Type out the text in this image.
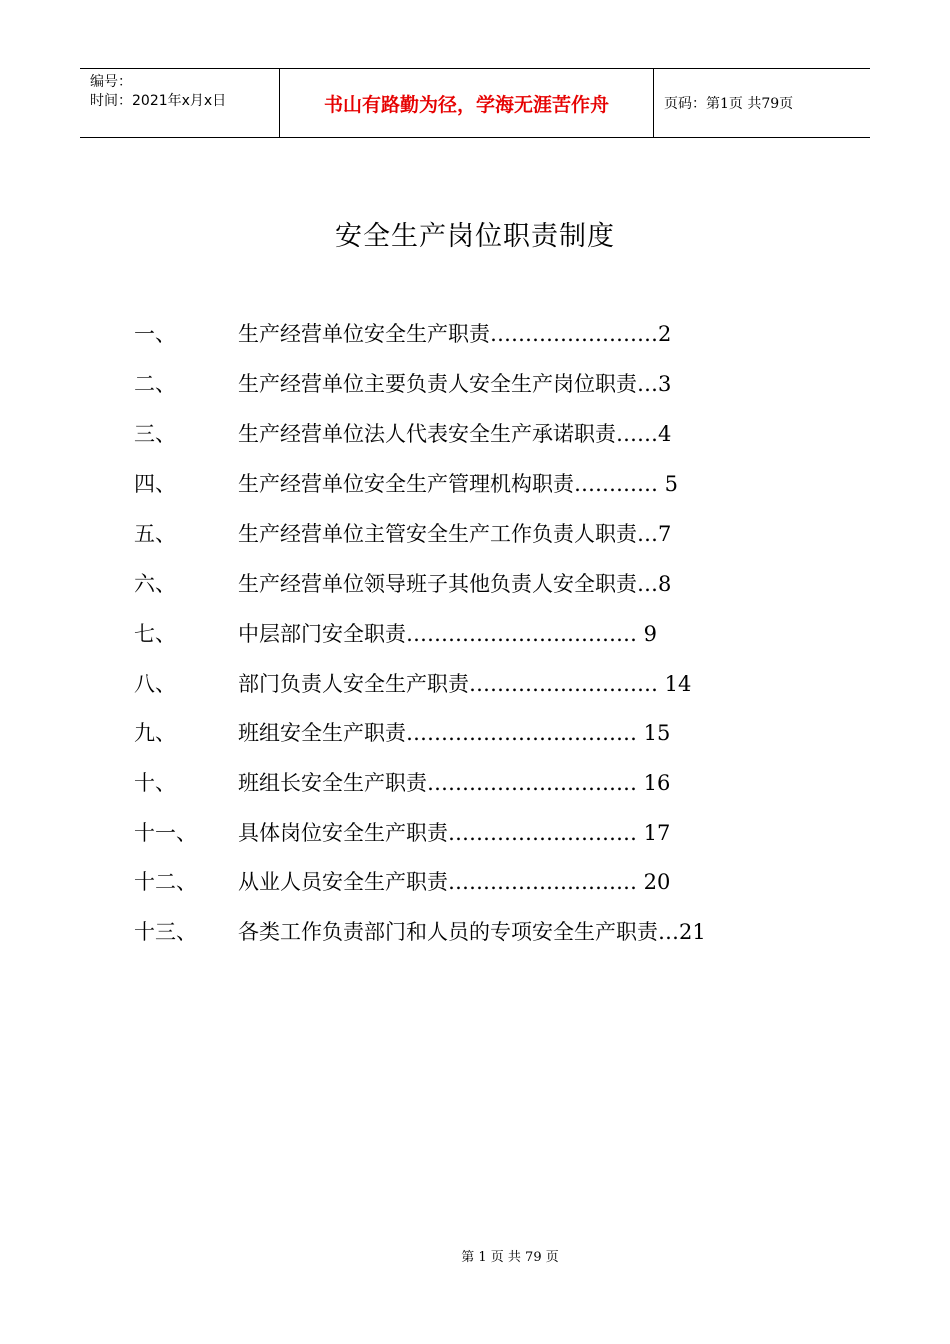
编号：
时间：2021年x月x日	书山有路勤为径，学海无涯苦作舟	页码：第1页 共79页
安全生产岗位职责制度
一、	生产经营单位安全生产职责……………………2
二、	生产经营单位主要负责人安全生产岗位职责…3
三、	生产经营单位法人代表安全生产承诺职责……4
四、	生产经营单位安全生产管理机构职责………… 5
五、	生产经营单位主管安全生产工作负责人职责…7
六、	生产经营单位领导班子其他负责人安全职责…8
七、	中层部门安全职责…………………………… 9
八、	部门负责人安全生产职责……………………… 14
九、	班组安全生产职责…………………………… 15
十、	班组长安全生产职责………………………… 16
十一、 具体岗位安全生产职责……………………… 17
十二、 从业人员安全生产职责……………………… 20
十三、 各类工作负责部门和人员的专项安全生产职责…21
第 1 页 共 79 页
